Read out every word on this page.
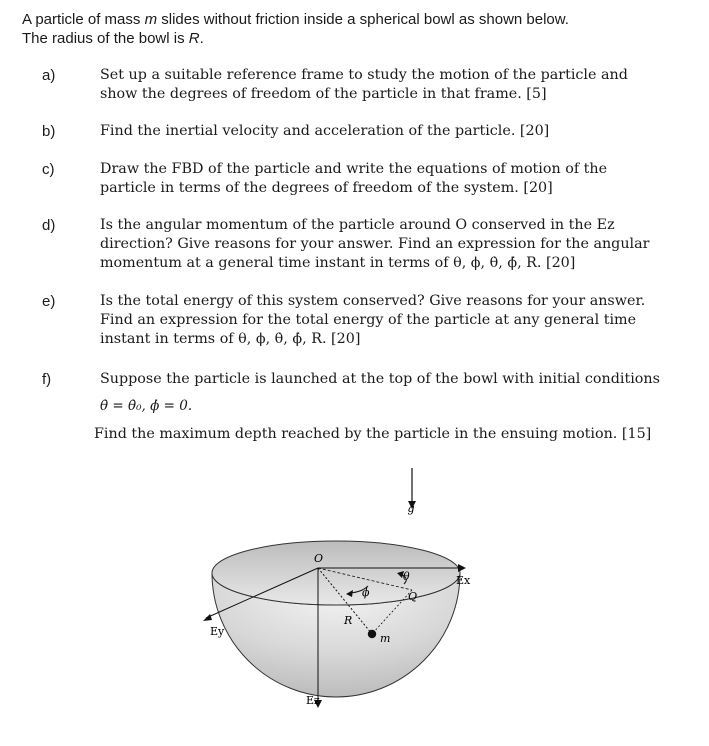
A particle of mass m slides without friction inside a spherical bowl as shown below.
The radius of the bowl is R.
a)	Set up a suitable reference frame to study the motion of the particle and show the degrees of freedom of the particle in that frame. [5]
b)	Find the inertial velocity and acceleration of the particle. [20]
c)	Draw the FBD of the particle and write the equations of motion of the particle in terms of the degrees of freedom of the system. [20]
d)	Is the angular momentum of the particle around O conserved in the Ez direction? Give reasons for your answer. Find an expression for the angular momentum at a general time instant in terms of θ, ϕ, θ̇, ϕ̇, R. [20]
e)	Is the total energy of this system conserved? Give reasons for your answer. Find an expression for the total energy of the particle at any general time instant in terms of θ, ϕ, θ̇, ϕ̇, R. [20]
f)	Suppose the particle is launched at the top of the bowl with initial conditions
θ̇ = θ̇₀, ϕ̇ = 0.
Find the maximum depth reached by the particle in the ensuing motion. [15]
g
O
θ
ϕ	Q
R
m
Ex
Ey
Ez
